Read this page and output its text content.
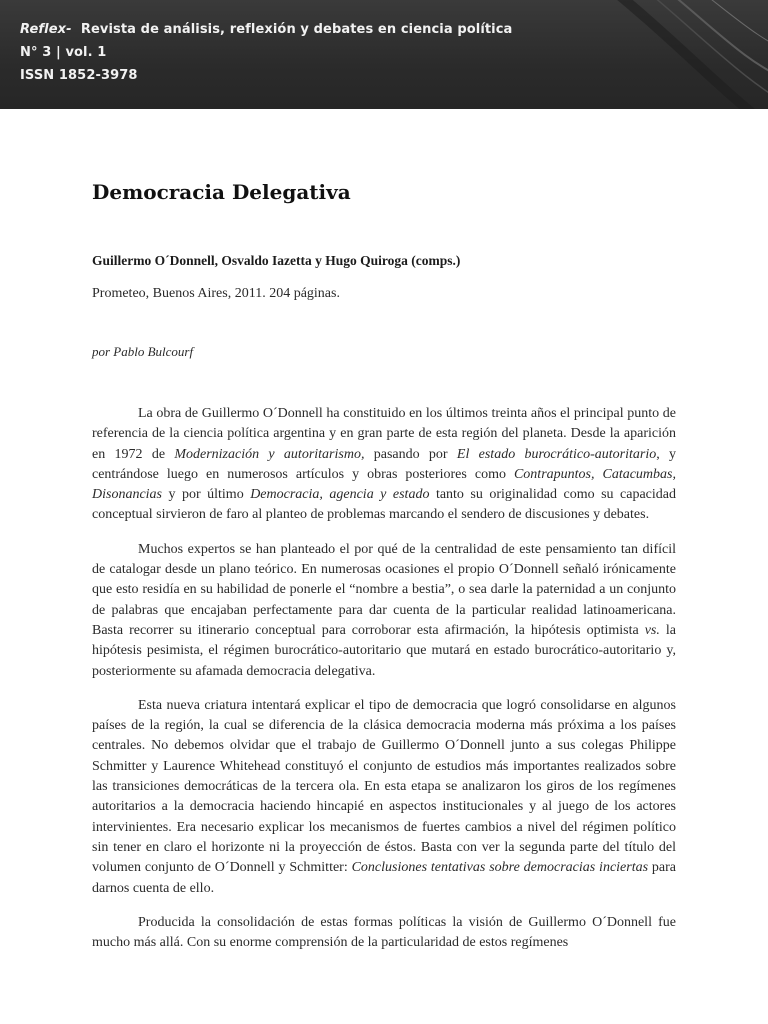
Reflex- Revista de análisis, reflexión y debates en ciencia política
N° 3 | vol. 1
ISSN 1852-3978
Democracia Delegativa
Guillermo O´Donnell, Osvaldo Iazetta y Hugo Quiroga (comps.)
Prometeo, Buenos Aires, 2011. 204 páginas.
por Pablo Bulcourf

La obra de Guillermo O´Donnell ha constituido en los últimos treinta años el principal punto de referencia de la ciencia política argentina y en gran parte de esta región del planeta. Desde la aparición en 1972 de Modernización y autoritarismo, pasando por El estado burocrático-autoritario, y centrándose luego en numerosos artículos y obras posteriores como Contrapuntos, Catacumbas, Disonancias y por último Democracia, agencia y estado tanto su originalidad como su capacidad conceptual sirvieron de faro al planteo de problemas marcando el sendero de discusiones y debates.

Muchos expertos se han planteado el por qué de la centralidad de este pensamiento tan difícil de catalogar desde un plano teórico. En numerosas ocasiones el propio O´Donnell señaló irónicamente que esto residía en su habilidad de ponerle el “nombre a bestia”, o sea darle la paternidad a un conjunto de palabras que encajaban perfectamente para dar cuenta de la particular realidad latinoamericana. Basta recorrer su itinerario conceptual para corroborar esta afirmación, la hipótesis optimista vs. la hipótesis pesimista, el régimen burocrático-autoritario que mutará en estado burocrático-autoritario y, posteriormente su afamada democracia delegativa.

Esta nueva criatura intentará explicar el tipo de democracia que logró consolidarse en algunos países de la región, la cual se diferencia de la clásica democracia moderna más próxima a los países centrales. No debemos olvidar que el trabajo de Guillermo O´Donnell junto a sus colegas Philippe Schmitter y Laurence Whitehead constituyó el conjunto de estudios más importantes realizados sobre las transiciones democráticas de la tercera ola. En esta etapa se analizaron los giros de los regímenes autoritarios a la democracia haciendo hincapié en aspectos institucionales y al juego de los actores intervinientes. Era necesario explicar los mecanismos de fuertes cambios a nivel del régimen político sin tener en claro el horizonte ni la proyección de éstos. Basta con ver la segunda parte del título del volumen conjunto de O´Donnell y Schmitter: Conclusiones tentativas sobre democracias inciertas para darnos cuenta de ello.

Producida la consolidación de estas formas políticas la visión de Guillermo O´Donnell fue mucho más allá. Con su enorme comprensión de la particularidad de estos regímenes
